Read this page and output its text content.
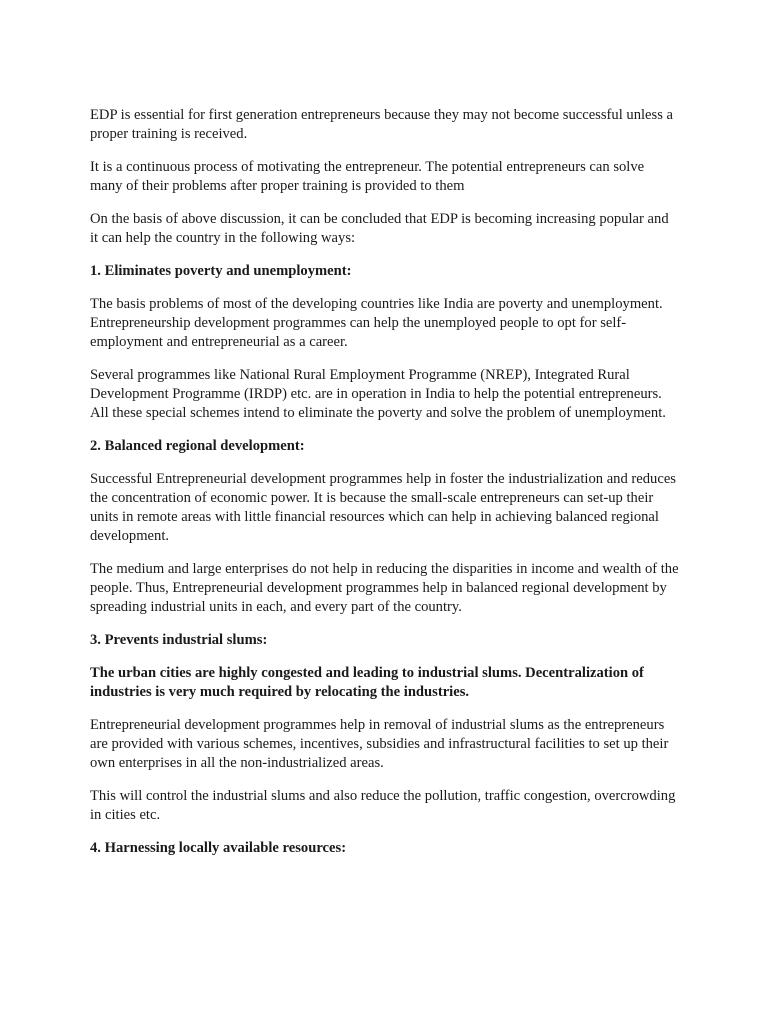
EDP is essential for first generation entrepreneurs because they may not become successful unless a proper training is received.

It is a continuous process of motivating the entrepreneur. The potential entrepreneurs can solve many of their problems after proper training is provided to them

On the basis of above discussion, it can be concluded that EDP is becoming increasing popular and it can help the country in the following ways:

1. Eliminates poverty and unemployment:

The basis problems of most of the developing countries like India are poverty and unemployment. Entrepreneurship development programmes can help the unemployed people to opt for self-employment and entrepreneurial as a career.

Several programmes like National Rural Employment Programme (NREP), Integrated Rural Development Programme (IRDP) etc. are in operation in India to help the potential entrepreneurs. All these special schemes intend to eliminate the poverty and solve the problem of unemployment.

2. Balanced regional development:

Successful Entrepreneurial development programmes help in foster the industrialization and reduces the concentration of economic power. It is because the small-scale entrepreneurs can set-up their units in remote areas with little financial resources which can help in achieving balanced regional development.

The medium and large enterprises do not help in reducing the disparities in income and wealth of the people. Thus, Entrepreneurial development programmes help in balanced regional development by spreading industrial units in each, and every part of the country.

3. Prevents industrial slums:

The urban cities are highly congested and leading to industrial slums. Decentralization of industries is very much required by relocating the industries.

Entrepreneurial development programmes help in removal of industrial slums as the entrepreneurs are provided with various schemes, incentives, subsidies and infrastructural facilities to set up their own enterprises in all the non-industrialized areas.

This will control the industrial slums and also reduce the pollution, traffic congestion, overcrowding in cities etc.

4. Harnessing locally available resources:
